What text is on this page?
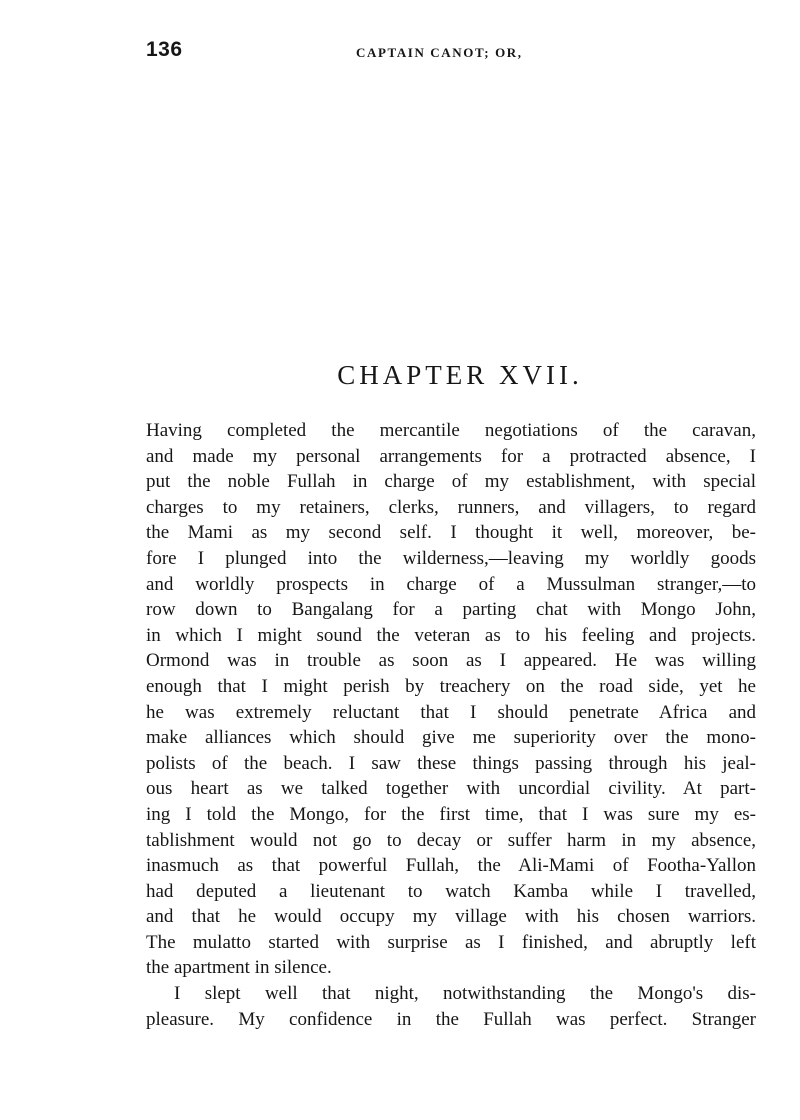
136	CAPTAIN CANOT; OR,
CHAPTER XVII.
Having completed the mercantile negotiations of the caravan,
and made my personal arrangements for a protracted absence, I
put the noble Fullah in charge of my establishment, with special
charges to my retainers, clerks, runners, and villagers, to regard
the Mami as my second self. I thought it well, moreover, be-
fore I plunged into the wilderness,—leaving my worldly goods
and worldly prospects in charge of a Mussulman stranger,—to
row down to Bangalang for a parting chat with Mongo John,
in which I might sound the veteran as to his feeling and projects.
Ormond was in trouble as soon as I appeared. He was willing
enough that I might perish by treachery on the road side, yet he
he was extremely reluctant that I should penetrate Africa and
make alliances which should give me superiority over the mono-
polists of the beach. I saw these things passing through his jeal-
ous heart as we talked together with uncordial civility. At part-
ing I told the Mongo, for the first time, that I was sure my es-
tablishment would not go to decay or suffer harm in my absence,
inasmuch as that powerful Fullah, the Ali-Mami of Footha-Yallon
had deputed a lieutenant to watch Kamba while I travelled,
and that he would occupy my village with his chosen warriors.
The mulatto started with surprise as I finished, and abruptly left
the apartment in silence.
I slept well that night, notwithstanding the Mongo's dis-
pleasure. My confidence in the Fullah was perfect. Stranger
